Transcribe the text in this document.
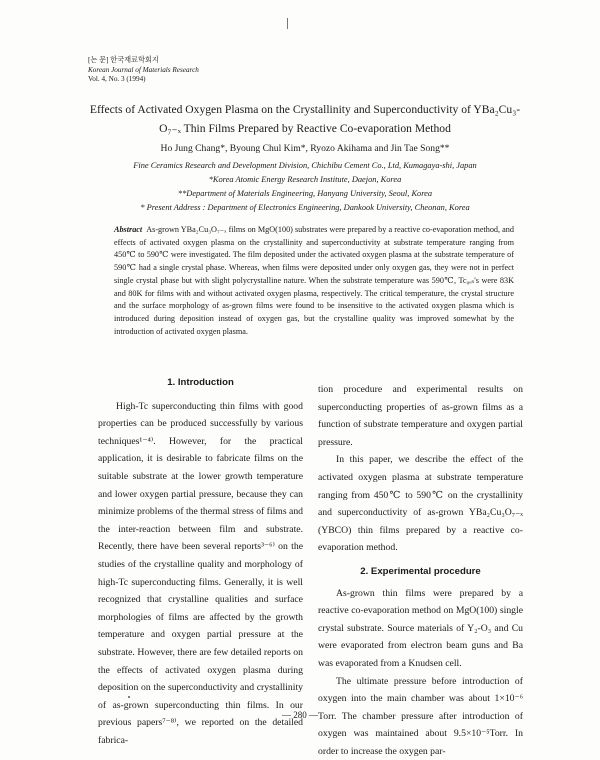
[논 문] 한국재료학회지
Korean Journal of Materials Research
Vol. 4, No. 3 (1994)
Effects of Activated Oxygen Plasma on the Crystallinity and Superconductivity of YBa₂Cu₃-
O₇₋ₓ Thin Films Prepared by Reactive Co-evaporation Method
Ho Jung Chang*, Byoung Chul Kim*, Ryozo Akihama and Jin Tae Song**
Fine Ceramics Research and Development Division, Chichibu Cement Co., Ltd, Kumagaya-shi, Japan
*Korea Atomic Energy Research Institute, Daejon, Korea
**Department of Materials Engineering, Hanyang University, Seoul, Korea
* Present Address : Department of Electronics Engineering, Dankook University, Cheonan, Korea
Abstract As-grown YBa₂Cu₃O₇₋ₓ films on MgO(100) substrates were prepared by a reactive co-evaporation method, and effects of activated oxygen plasma on the crystallinity and superconductivity at substrate temperature ranging from 450℃ to 590℃ were investigated. The film deposited under the activated oxygen plasma at the substrate temperature of 590℃ had a single crystal phase. Whereas, when films were deposited under only oxygen gas, they were not in perfect single crystal phase but with slight polycrystalline nature. When the substrate temperature was 590℃, Tc₀ₑₛ's were 83K and 80K for films with and without activated oxygen plasma, respectively. The critical temperature, the crystal structure and the surface morphology of as-grown films were found to be insensitive to the activated oxygen plasma which is introduced during deposition instead of oxygen gas, but the crystalline quality was improved somewhat by the introduction of activated oxygen plasma.

1. Introduction

High-Tc superconducting thin films with good properties can be produced successfully by various techniques¹⁻⁴⁾. However, for the practical application, it is desirable to fabricate films on the suitable substrate at the lower growth temperature and lower oxygen partial pressure, because they can minimize problems of the thermal stress of films and the inter-reaction between film and substrate. Recently, there have been several reports³⁻⁶⁾ on the studies of the crystalline quality and morphology of high-Tc superconducting films. Generally, it is well recognized that crystalline qualities and surface morphologies of films are affected by the growth temperature and oxygen partial pressure at the substrate. However, there are few detailed reports on the effects of activated oxygen plasma during deposition on the superconductivity and crystallinity of as-grown superconducting thin films. In our previous papers⁷⁻⁸⁾, we reported on the detailed fabrica-

tion procedure and experimental results on superconducting properties of as-grown films as a function of substrate temperature and oxygen partial pressure.

In this paper, we describe the effect of the activated oxygen plasma at substrate temperature ranging from 450℃ to 590℃ on the crystallinity and superconductivity of as-grown YBa₂Cu₃O₇₋ₓ (YBCO) thin films prepared by a reactive co-evaporation method.

2. Experimental procedure

As-grown thin films were prepared by a reactive co-evaporation method on MgO(100) single crystal substrate. Source materials of Y₂-O₃ and Cu were evaporated from electron beam guns and Ba was evaporated from a Knudsen cell.

The ultimate pressure before introduction of oxygen into the main chamber was about 1×10⁻⁶ Torr. The chamber pressure after introduction of oxygen was maintained about 9.5×10⁻⁵Torr. In order to increase the oxygen par-

— 280 —
